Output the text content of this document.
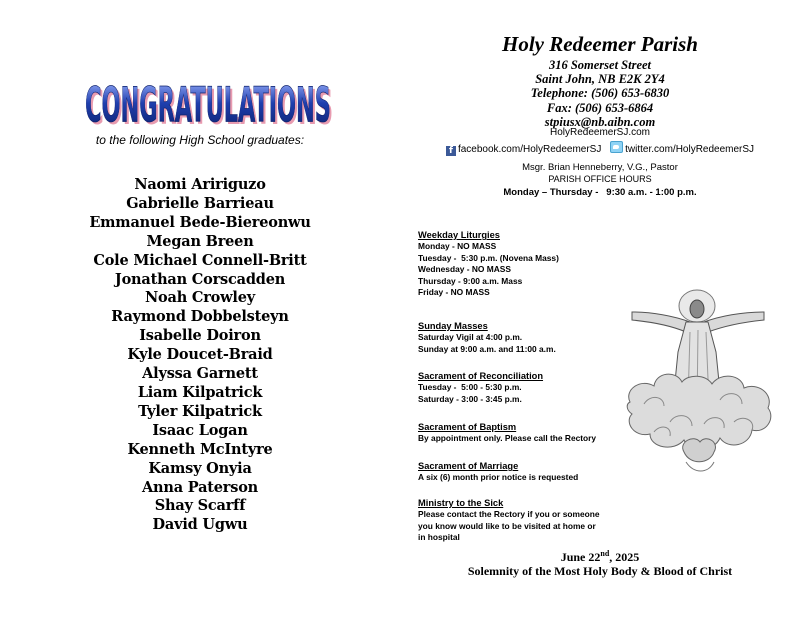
CONGRATULATIONS
CONGRATULATIONS
to the following High School graduates:
Naomi Aririguzo
Gabrielle Barrieau
Emmanuel Bede-Biereonwu
Megan Breen
Cole Michael Connell-Britt
Jonathan Corscadden
Noah Crowley
Raymond Dobbelsteyn
Isabelle Doiron
Kyle Doucet-Braid
Alyssa Garnett
Liam Kilpatrick
Tyler Kilpatrick
Isaac Logan
Kenneth McIntyre
Kamsy Onyia
Anna Paterson
Shay Scarff
David Ugwu
Holy Redeemer Parish
316 Somerset Street
Saint John, NB E2K 2Y4
Telephone: (506) 653-6830
Fax: (506) 653-6864
stpiusx@nb.aibn.com
HolyRedeemerSJ.com
f facebook.com/HolyRedeemerSJ twitter.com/HolyRedeemerSJ
Msgr. Brian Henneberry, V.G., Pastor
PARISH OFFICE HOURS
Monday – Thursday -   9:30 a.m. - 1:00 p.m.
Weekday Liturgies
Monday - NO MASS
Tuesday -  5:30 p.m. (Novena Mass)
Wednesday - NO MASS
Thursday - 9:00 a.m. Mass
Friday - NO MASS
Sunday Masses
Saturday Vigil at 4:00 p.m.
Sunday at 9:00 a.m. and 11:00 a.m.
Sacrament of Reconciliation
Tuesday -  5:00 - 5:30 p.m.
Saturday - 3:00 - 3:45 p.m.
Sacrament of Baptism
By appointment only. Please call the Rectory
Sacrament of Marriage
A six (6) month prior notice is requested
Ministry to the Sick
Please contact the Rectory if you or someone
you know would like to be visited at home or
in hospital
June 22nd, 2025
Solemnity of the Most Holy Body & Blood of Christ
